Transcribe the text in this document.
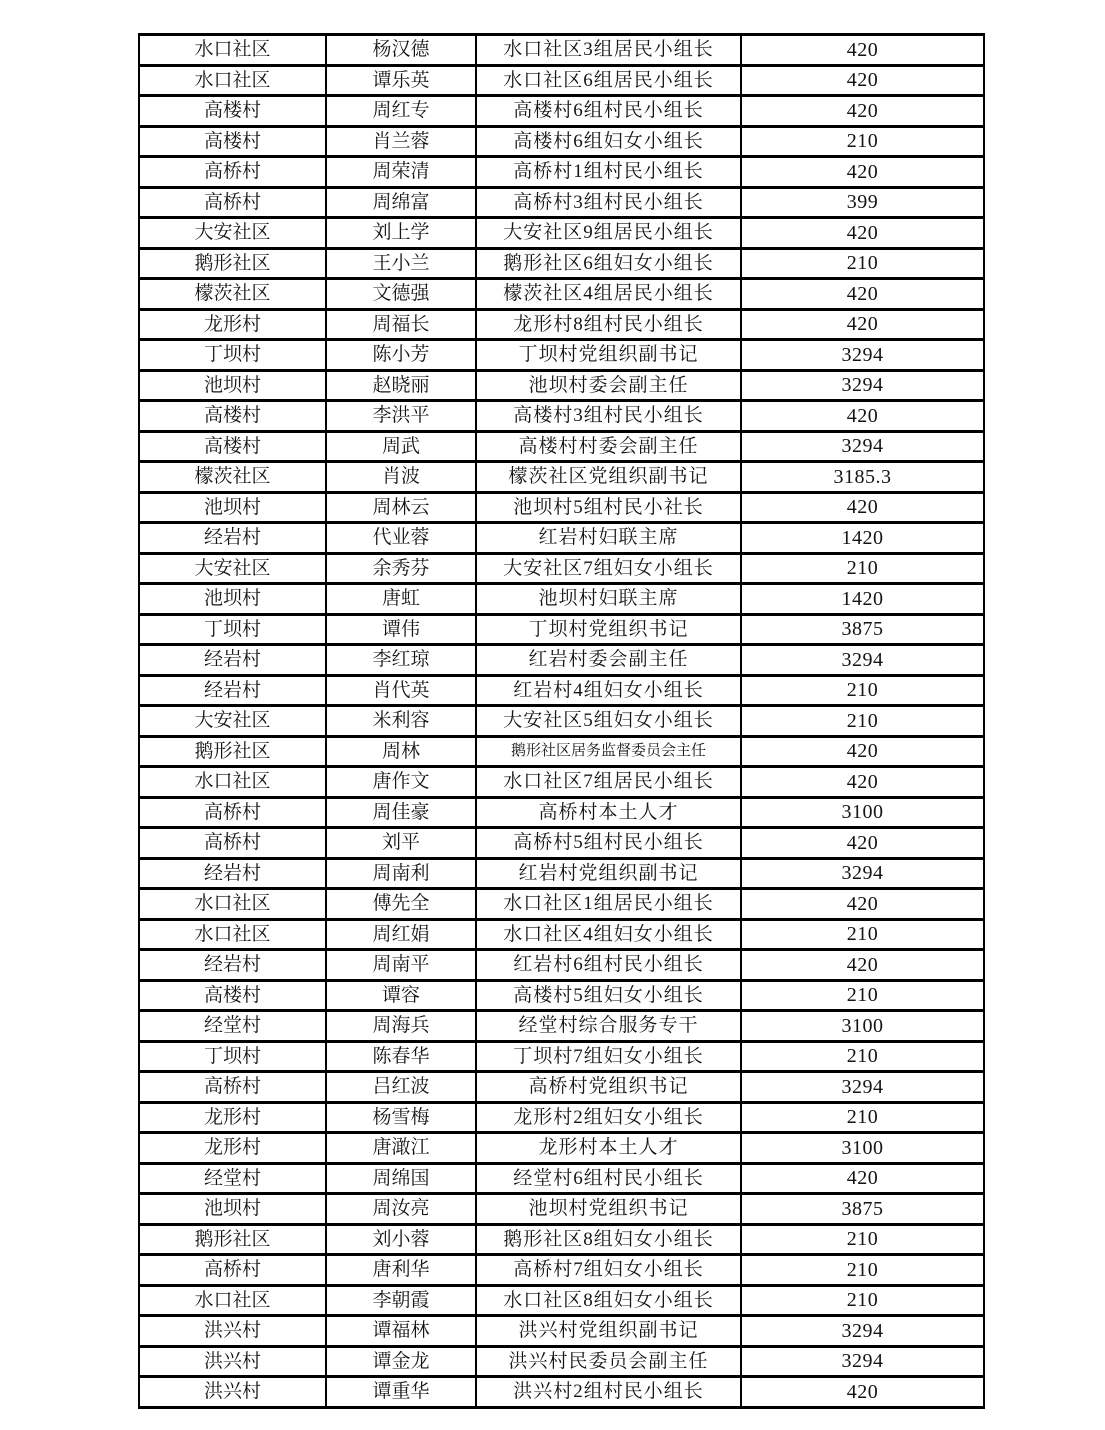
水口社区	杨汉德	水口社区3组居民小组长	420
水口社区	谭乐英	水口社区6组居民小组长	420
高楼村	周红专	高楼村6组村民小组长	420
高楼村	肖兰蓉	高楼村6组妇女小组长	210
高桥村	周荣清	高桥村1组村民小组长	420
高桥村	周绵富	高桥村3组村民小组长	399
大安社区	刘上学	大安社区9组居民小组长	420
鹅形社区	王小兰	鹅形社区6组妇女小组长	210
檬茨社区	文德强	檬茨社区4组居民小组长	420
龙形村	周福长	龙形村8组村民小组长	420
丁坝村	陈小芳	丁坝村党组织副书记	3294
池坝村	赵晓丽	池坝村委会副主任	3294
高楼村	李洪平	高楼村3组村民小组长	420
高楼村	周武	高楼村村委会副主任	3294
檬茨社区	肖波	檬茨社区党组织副书记	3185.3
池坝村	周林云	池坝村5组村民小社长	420
经岩村	代业蓉	红岩村妇联主席	1420
大安社区	余秀芬	大安社区7组妇女小组长	210
池坝村	唐虹	池坝村妇联主席	1420
丁坝村	谭伟	丁坝村党组织书记	3875
经岩村	李红琼	红岩村委会副主任	3294
经岩村	肖代英	红岩村4组妇女小组长	210
大安社区	米利容	大安社区5组妇女小组长	210
鹅形社区	周林	鹅形社区居务监督委员会主任	420
水口社区	唐作文	水口社区7组居民小组长	420
高桥村	周佳豪	高桥村本土人才	3100
高桥村	刘平	高桥村5组村民小组长	420
经岩村	周南利	红岩村党组织副书记	3294
水口社区	傅先全	水口社区1组居民小组长	420
水口社区	周红娟	水口社区4组妇女小组长	210
经岩村	周南平	红岩村6组村民小组长	420
高楼村	谭容	高楼村5组妇女小组长	210
经堂村	周海兵	经堂村综合服务专干	3100
丁坝村	陈春华	丁坝村7组妇女小组长	210
高桥村	吕红波	高桥村党组织书记	3294
龙形村	杨雪梅	龙形村2组妇女小组长	210
龙形村	唐澉江	龙形村本土人才	3100
经堂村	周绵国	经堂村6组村民小组长	420
池坝村	周汝亮	池坝村党组织书记	3875
鹅形社区	刘小蓉	鹅形社区8组妇女小组长	210
高桥村	唐利华	高桥村7组妇女小组长	210
水口社区	李朝霞	水口社区8组妇女小组长	210
洪兴村	谭福林	洪兴村党组织副书记	3294
洪兴村	谭金龙	洪兴村民委员会副主任	3294
洪兴村	谭重华	洪兴村2组村民小组长	420
